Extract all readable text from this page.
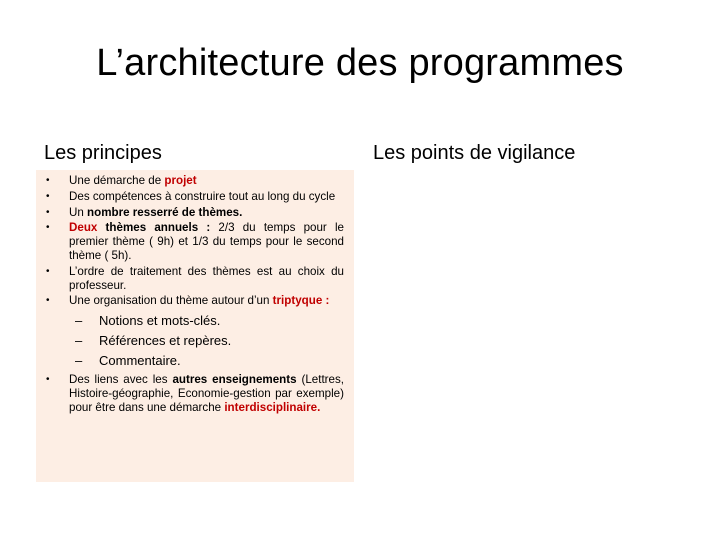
L’architecture des programmes
Les principes	Les points de vigilance
• Une démarche de projet
• Des compétences à construire tout au long du cycle
• Un nombre resserré de thèmes.
• Deux thèmes annuels : 2/3 du temps pour le premier thème ( 9h) et 1/3 du temps pour le second thème ( 5h).
• L’ordre de traitement des thèmes est au choix du professeur.
• Une organisation du thème autour d’un triptyque :
– Notions et mots-clés.
– Références et repères.
– Commentaire.
• Des liens avec les autres enseignements (Lettres, Histoire-géographie, Economie-gestion par exemple) pour être dans une démarche interdisciplinaire.
